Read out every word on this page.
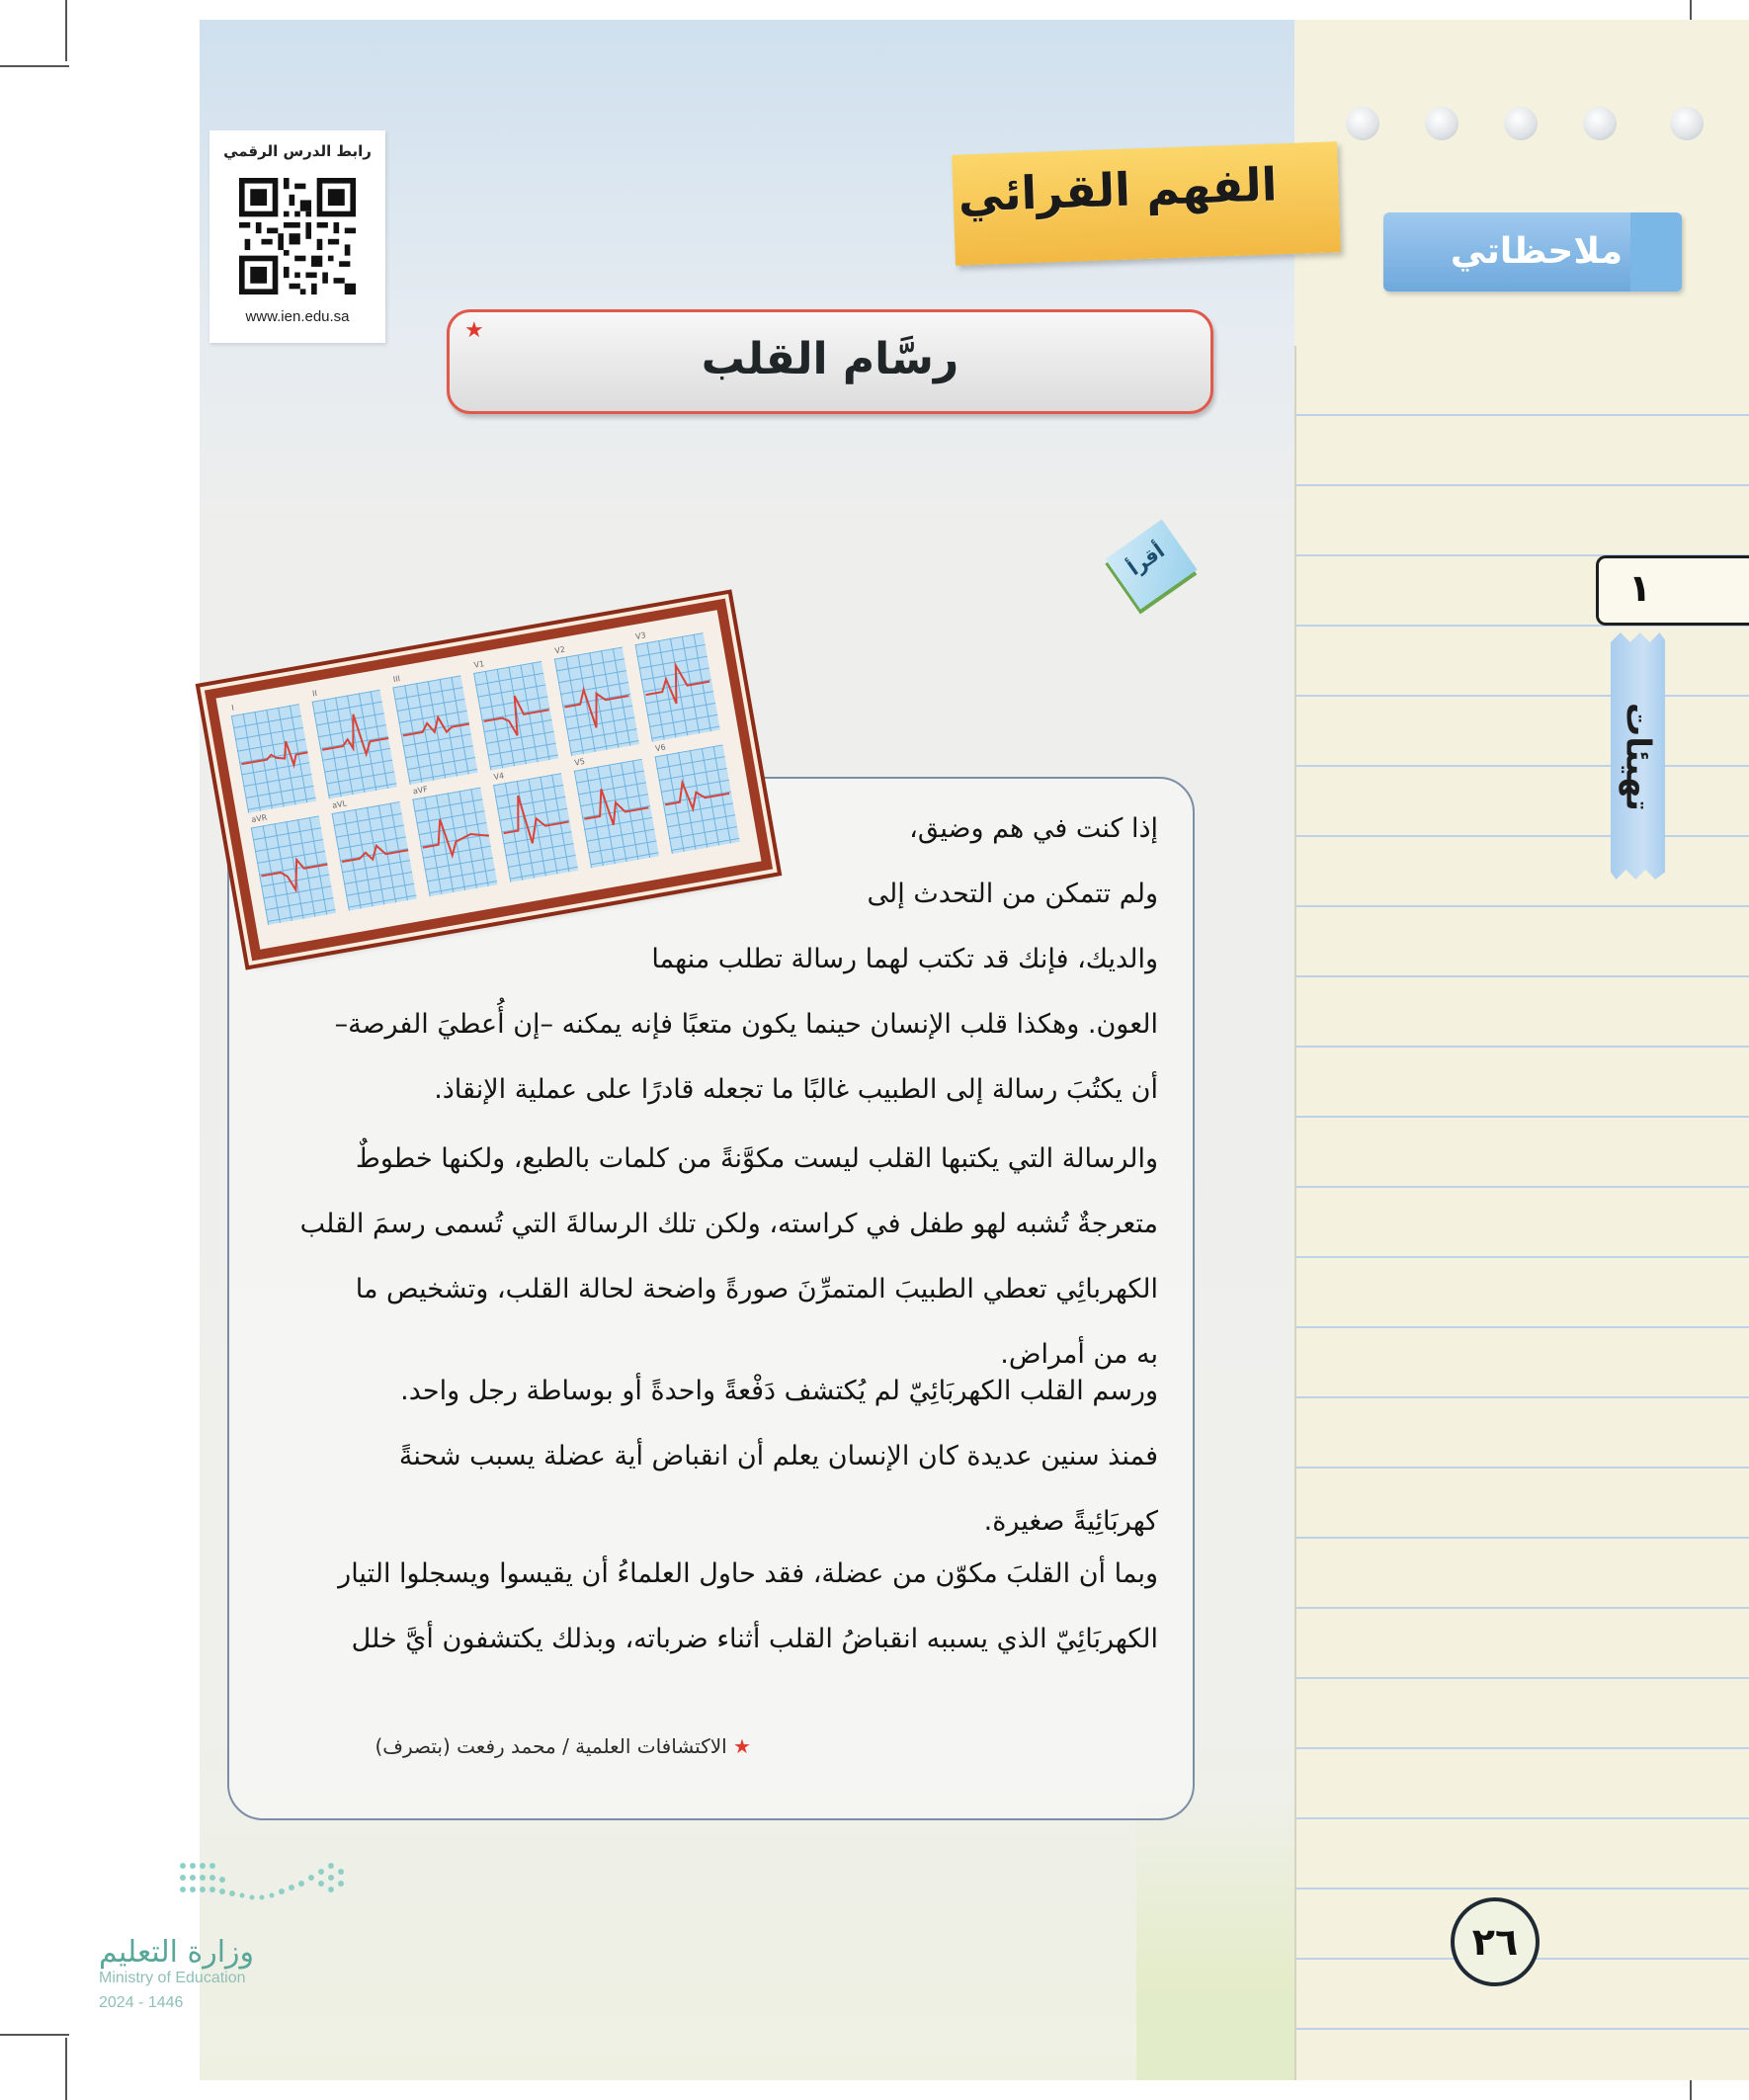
ملاحظاتي
١
تهيئات
٢٦
رابط الدرس الرقمي
www.ien.edu.sa
الفهم القرائي
رسَّام القلب
★
أقرأ
إذا كنت في هم وضيق،
ولم تتمكن من التحدث إلى
والديك، فإنك قد تكتب لهما رسالة تطلب منهما
العون. وهكذا قلب الإنسان حينما يكون متعبًا فإنه يمكنه –إن أُعطيَ الفرصة–
أن يكتُبَ رسالة إلى الطبيب غالبًا ما تجعله قادرًا على عملية الإنقاذ.
والرسالة التي يكتبها القلب ليست مكوَّنةً من كلمات بالطبع، ولكنها خطوطٌ
متعرجةٌ تُشبه لهو طفل في كراسته، ولكن تلك الرسالةَ التي تُسمى رسمَ القلب
الكهربائِي تعطي الطبيبَ المتمرِّنَ صورةً واضحة لحالة القلب، وتشخيص ما
به من أمراض.
ورسم القلب الكهربَائِيّ لم يُكتشف دَفْعةً واحدةً أو بوساطة رجل واحد.
فمنذ سنين عديدة كان الإنسان يعلم أن انقباض أية عضلة يسبب شحنةً
كهربَائِيةً صغيرة.
وبما أن القلبَ مكوّن من عضلة، فقد حاول العلماءُ أن يقيسوا ويسجلوا التيار
الكهربَائِيّ الذي يسببه انقباضُ القلب أثناء ضرباته، وبذلك يكتشفون أيَّ خلل
★ الاكتشافات العلمية / محمد رفعت (بتصرف)
I
II
III
V1
V2
V3
aVR
aVL
aVF
V4
V5
V6
وزارة التعليم
Ministry of Education
2024 - 1446
